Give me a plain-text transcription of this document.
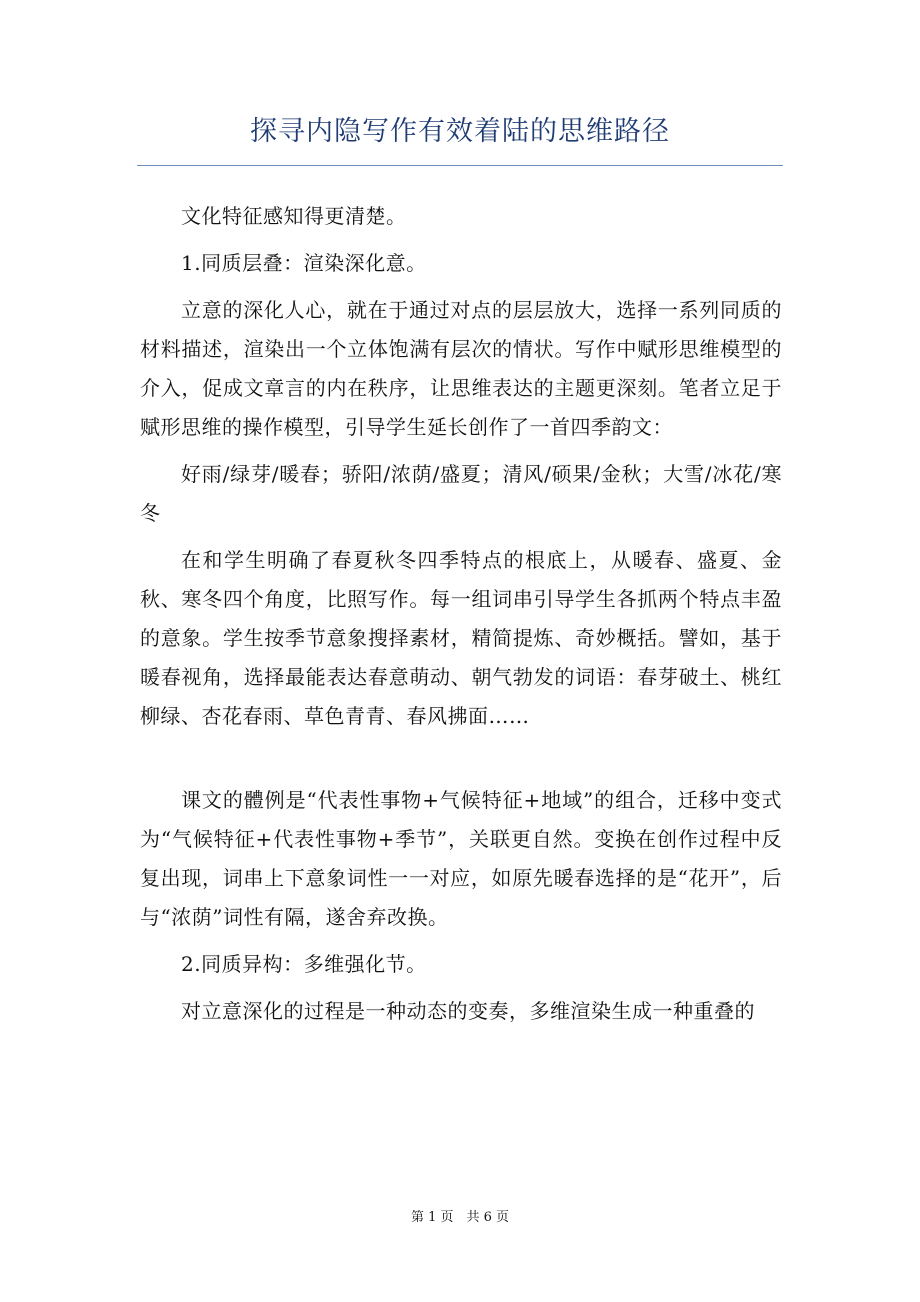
探寻内隐写作有效着陆的思维路径

文化特征感知得更清楚。

1.同质层叠：渲染深化意。

立意的深化人心，就在于通过对点的层层放大，选择一系列同质的材料描述，渲染出一个立体饱满有层次的情状。写作中赋形思维模型的介入，促成文章言的内在秩序，让思维表达的主题更深刻。笔者立足于赋形思维的操作模型，引导学生延长创作了一首四季韵文：

好雨/绿芽/暖春；骄阳/浓荫/盛夏；清风/硕果/金秋；大雪/冰花/寒冬

在和学生明确了春夏秋冬四季特点的根底上，从暖春、盛夏、金秋、寒冬四个角度，比照写作。每一组词串引导学生各抓两个特点丰盈的意象。学生按季节意象搜择素材，精简提炼、奇妙概括。譬如，基于暖春视角，选择最能表达春意萌动、朝气勃发的词语：春芽破土、桃红柳绿、杏花春雨、草色青青、春风拂面……

课文的體例是“代表性事物+气候特征+地域”的组合，迁移中变式为“气候特征+代表性事物+季节”，关联更自然。变换在创作过程中反复出现，词串上下意象词性一一对应，如原先暖春选择的是“花开”，后与“浓荫”词性有隔，遂舍弃改换。

2.同质异构：多维强化节。

对立意深化的过程是一种动态的变奏，多维渲染生成一种重叠的

第 1 页　共 6 页
